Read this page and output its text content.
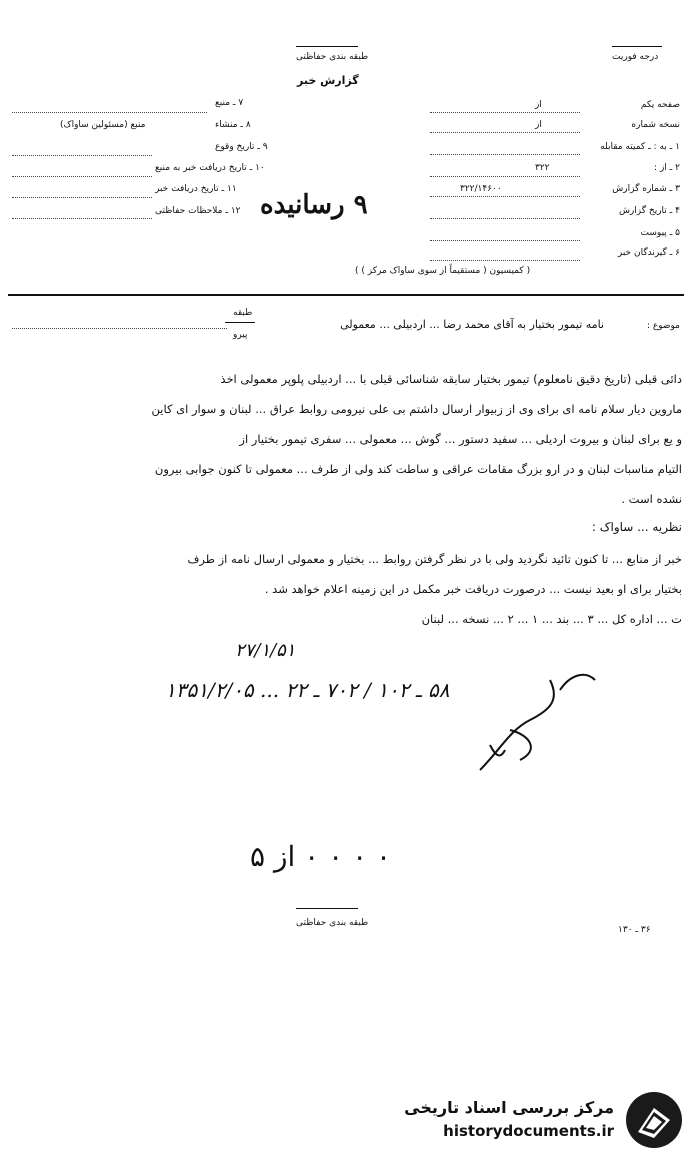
طبقه بندی حفاظتی
گزارش خبر
درجه فوریت
صفحه یکم
نسخه شماره
۱ ـ به : ـ کمیته مقابله
۲ ـ از :
۳ ـ شماره گزارش
۴ ـ تاریخ گزارش
۵ ـ پیوست
۶ ـ گیرندگان خبر
از
از
۳۲۲/۱۴۶۰۰
۳۲۲
۷ ـ منبع
۸ ـ منشاء
۹ ـ تاریخ وقوع
۱۰ ـ تاریخ دریافت خبر به منبع
۱۱ ـ تاریخ دریافت خبر
۱۲ ـ ملاحظات حفاظتی
منبع (مسئولین ساواک)
۹ رسانیده
( کمیسیون ( مستقیماً از سوی ساواک مرکز ) )
موضوع :
نامه تیمور بختیار به آقای محمد رضا ... اردبیلی ... معمولی
طبقه
پیرو
دائی قبلی (تاریخ دقیق نامعلوم) تیمور بختیار سابقه شناسائی قبلی با ... اردبیلی پلوپر معمولی اخذ
ماروین دیار سلام نامه ای برای وی از زبیوار ارسال داشتم بی علی نیرومی روابط عراق ... لبنان و سوار ای کاین
و یع برای لبنان و بیروت اردیلی ... سفید دستور ... گوش ... معمولی ... سفری تیمور بختیار از
التیام مناسبات لبنان و در ارو بزرگ مقامات عراقی و ساطت کند ولی از طرف ... معمولی تا کنون جوابی بیرون
نشده است .
نظریه ... ساواک :
خبر از منابع ... تا کنون تائید نگردید ولی با در نظر گرفتن روابط ... بختیار و معمولی ارسال نامه از طرف
بختیار برای او بعید نیست ... درصورت دریافت خبر مکمل در این زمینه اعلام خواهد شد .
ت ... اداره کل ... ۳ ... بند ... ۱ ... ۲ ... نسخه ... لبنان
۲۷/۱/۵۱
۵۸ ـ ۱۰۲ / ۷۰۲ ـ ۲۲ ... ۱۳۵۱/۲/۰۵
۰ ۰ ۰ ۰ از ۵
طبقه بندی حفاظتی
۳۶ ـ ۱۳۰
مرکز بررسی اسناد تاریخی
historydocuments.ir
